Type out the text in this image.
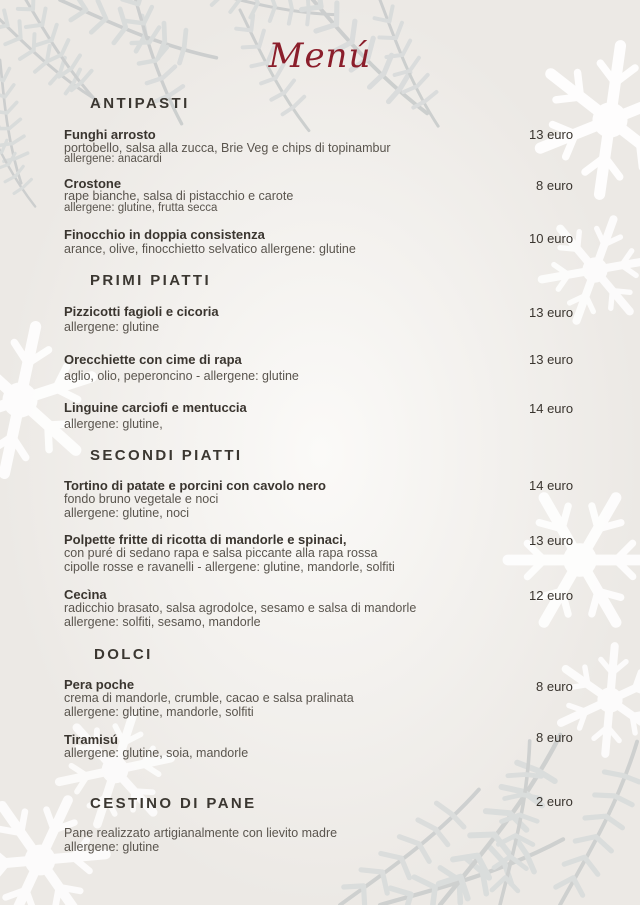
Menú
ANTIPASTI
Funghi arrosto
portobello, salsa alla zucca, Brie Veg e chips di topinambur
allergene: anacardi
13 euro
Crostone
rape bianche, salsa di pistacchio e carote
allergene: glutine, frutta secca
8 euro
Finocchio in doppia consistenza
arance, olive, finocchietto selvatico allergene: glutine
10 euro
PRIMI PIATTI
Pizzicotti fagioli e cicoria
allergene: glutine
13 euro
Orecchiette con cime di rapa
aglio, olio, peperoncino - allergene: glutine
13 euro
Linguine carciofi e mentuccia
allergene: glutine,
14 euro
SECONDI PIATTI
Tortino di patate e porcini con cavolo nero
fondo bruno vegetale e noci
allergene: glutine, noci
14 euro
Polpette fritte di ricotta di mandorle e spinaci,
con puré di sedano rapa e salsa piccante alla rapa rossa
cipolle rosse e ravanelli - allergene: glutine, mandorle, solfiti
13 euro
Cecìna
radicchio brasato, salsa agrodolce, sesamo e salsa di mandorle
allergene: solfiti, sesamo, mandorle
12 euro
DOLCI
Pera poche
crema di mandorle, crumble, cacao e salsa pralinata
allergene: glutine, mandorle, solfiti
8 euro
Tiramisú
allergene: glutine, soia, mandorle
8 euro
CESTINO DI PANE	2 euro
Pane realizzato artigianalmente con lievito madre
allergene: glutine
